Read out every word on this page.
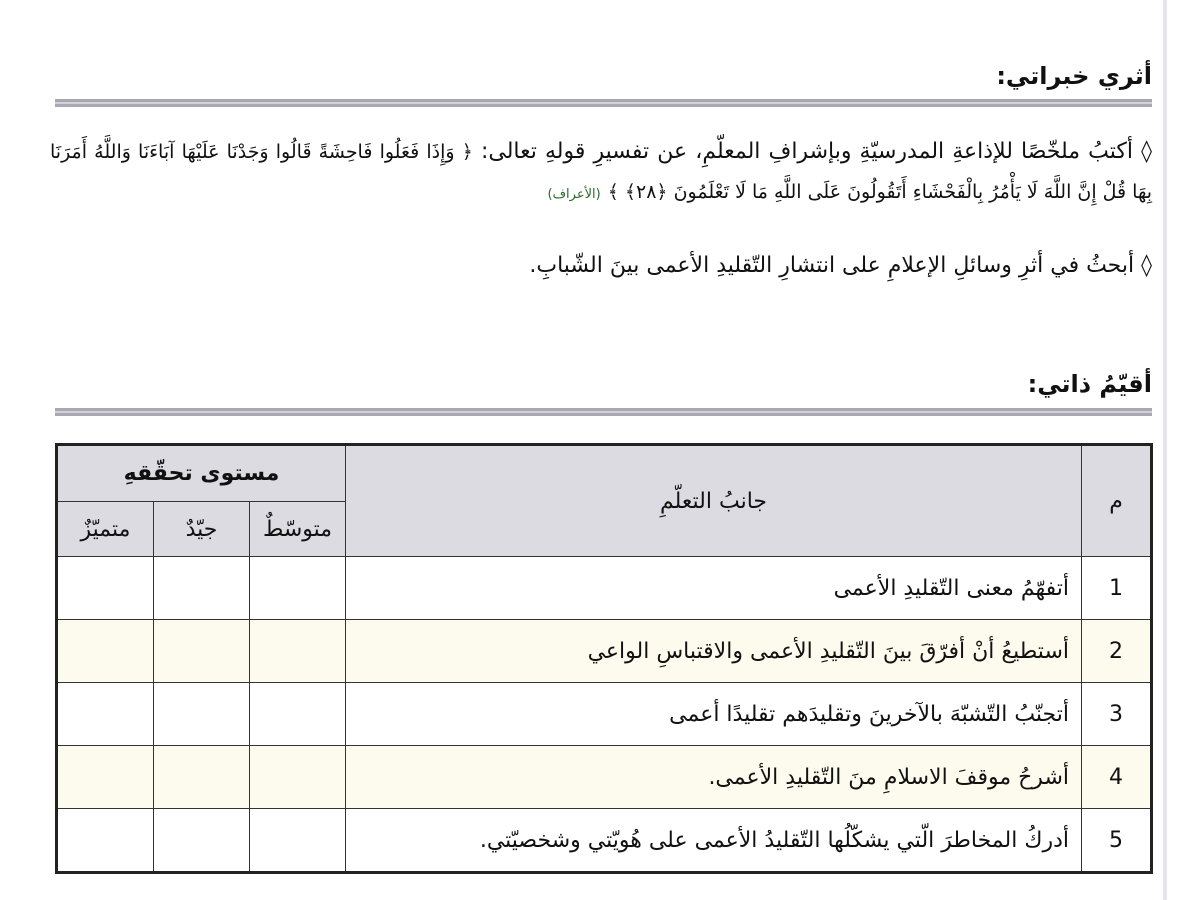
أثري خبراتي:
◊ أكتبُ ملخّصًا للإذاعةِ المدرسيّةِ وبإشرافِ المعلّمِ، عن تفسيرِ قولهِ تعالى: ﴿ وَإِذَا فَعَلُوا فَاحِشَةً قَالُوا وَجَدْنَا عَلَيْهَا آبَاءَنَا وَاللَّهُ أَمَرَنَا بِهَا قُلْ إِنَّ اللَّهَ لَا يَأْمُرُ بِالْفَحْشَاءِ أَتَقُولُونَ عَلَى اللَّهِ مَا لَا تَعْلَمُونَ ﴿٢٨﴾ ﴾ (الأعراف)
◊ أبحثُ في أثرِ وسائلِ الإعلامِ على انتشارِ التّقليدِ الأعمى بينَ الشّبابِ.
أقيّمُ ذاتي:
م	جانبُ التعلّمِ	مستوى تحقّقهِ		
		متوسّطٌ	جيّدٌ	متميّزٌ
1	أتفهّمُ معنى التّقليدِ الأعمى			
2	أستطيعُ أنْ أفرّقَ بينَ التّقليدِ الأعمى والاقتباسِ الواعي			
3	أتجنّبُ التّشبّهَ بالآخرينَ وتقليدَهم تقليدًا أعمى			
4	أشرحُ موقفَ الاسلامِ منَ التّقليدِ الأعمى.			
5	أدركُ المخاطرَ الّتي يشكّلُها التّقليدُ الأعمى على هُويّتي وشخصيّتي.			
